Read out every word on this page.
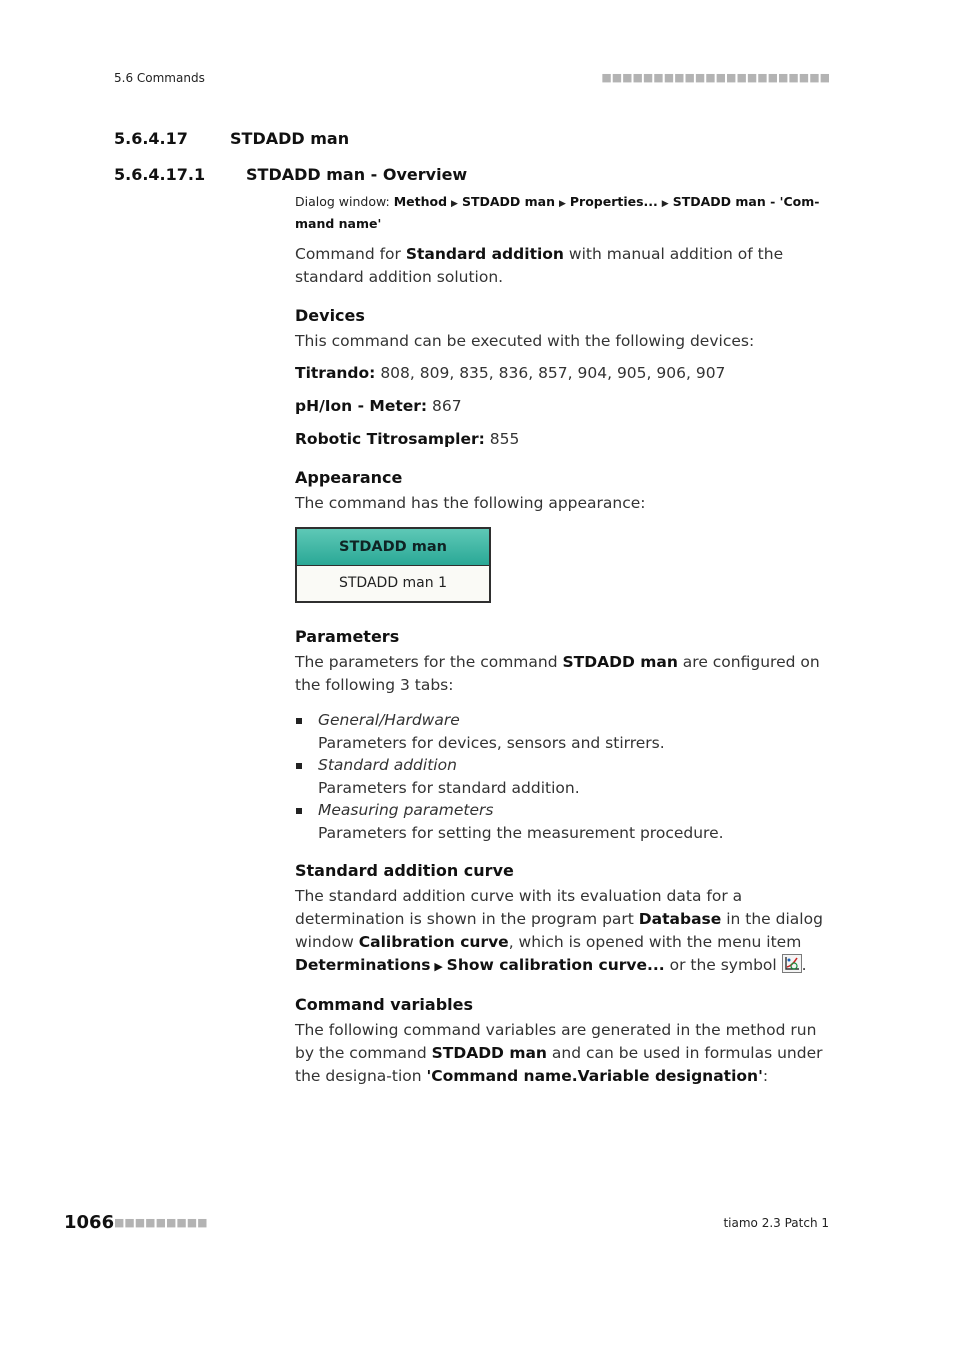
5.6 Commands	■■■■■■■■■■■■■■■■■■■■■■
5.6.4.17	STDADD man
5.6.4.17.1	STDADD man - Overview
Dialog window: Method ▶ STDADD man ▶ Properties... ▶ STDADD man - 'Com-
mand name'

Command for Standard addition with manual addition of the standard addition solution.

Devices

This command can be executed with the following devices:

Titrando: 808, 809, 835, 836, 857, 904, 905, 906, 907

pH/Ion - Meter: 867

Robotic Titrosampler: 855

Appearance

The command has the following appearance:

STDADD man
STDADD man 1
Parameters

The parameters for the command STDADD man are configured on the following 3 tabs:

General/Hardware
Parameters for devices, sensors and stirrers.
Standard addition
Parameters for standard addition.
Measuring parameters
Parameters for setting the measurement procedure.
Standard addition curve

The standard addition curve with its evaluation data for a determination is shown in the program part Database in the dialog window Calibration curve, which is opened with the menu item Determinations ▶ Show calibration curve... or the symbol .

Command variables

The following command variables are generated in the method run by the command STDADD man and can be used in formulas under the designa-tion 'Command name.Variable designation':

1066 ■■■■■■■■■	tiamo 2.3 Patch 1
